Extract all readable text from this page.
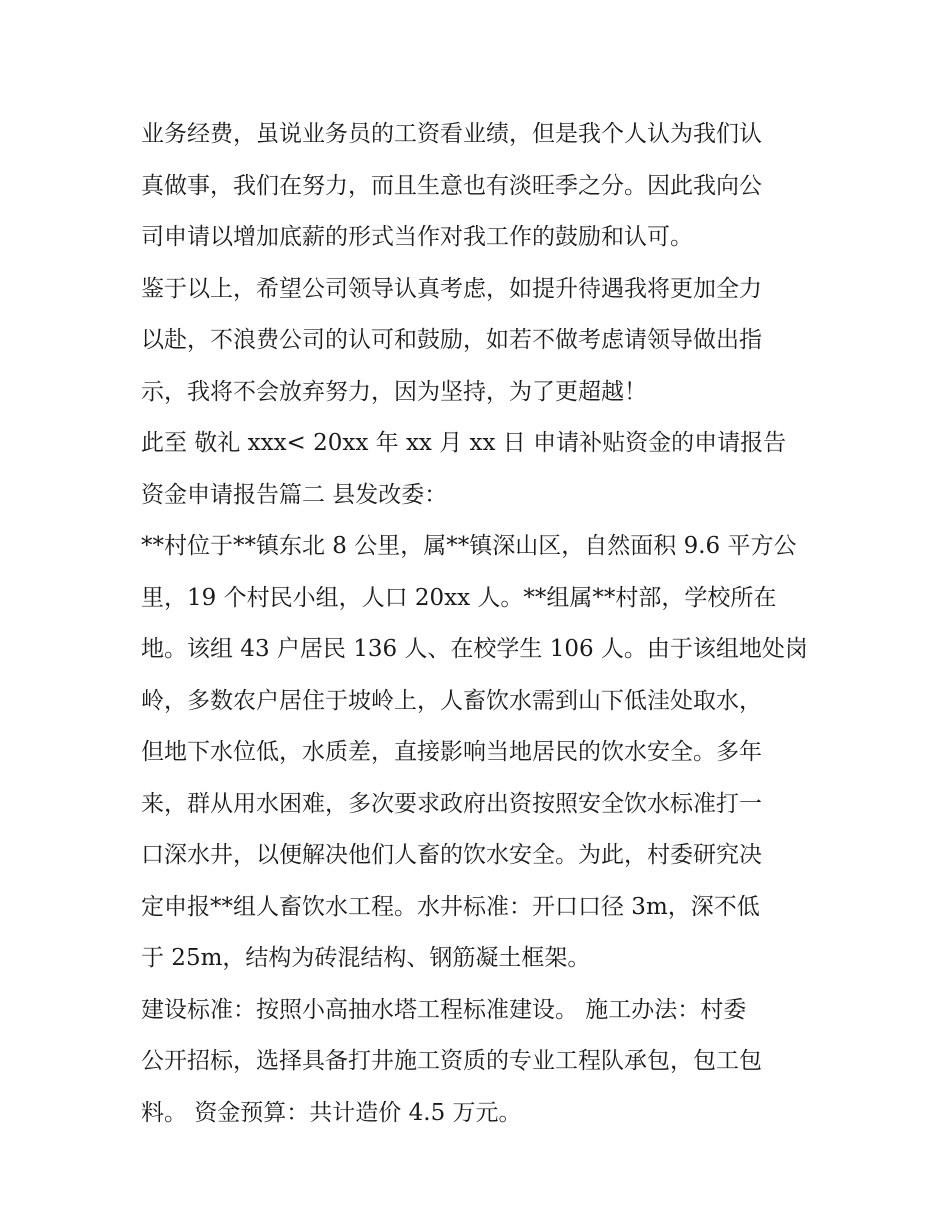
业务经费，虽说业务员的工资看业绩，但是我个人认为我们认
真做事，我们在努力，而且生意也有淡旺季之分。因此我向公
司申请以增加底薪的形式当作对我工作的鼓励和认可。
鉴于以上，希望公司领导认真考虑，如提升待遇我将更加全力
以赴，不浪费公司的认可和鼓励，如若不做考虑请领导做出指
示，我将不会放弃努力，因为坚持，为了更超越！
此至 敬礼 xxx< 20xx 年 xx 月 xx 日 申请补贴资金的申请报告
资金申请报告篇二 县发改委：
**村位于**镇东北 8 公里，属**镇深山区，自然面积 9.6 平方公
里，19 个村民小组，人口 20xx 人。**组属**村部，学校所在
地。该组 43 户居民 136 人、在校学生 106 人。由于该组地处岗
岭，多数农户居住于坡岭上，人畜饮水需到山下低洼处取水，
但地下水位低，水质差，直接影响当地居民的饮水安全。多年
来，群从用水困难，多次要求政府出资按照安全饮水标准打一
口深水井，以便解决他们人畜的饮水安全。为此，村委研究决
定申报**组人畜饮水工程。水井标准：开口口径 3m，深不低
于 25m，结构为砖混结构、钢筋凝土框架。
建设标准：按照小高抽水塔工程标准建设。 施工办法：村委
公开招标，选择具备打井施工资质的专业工程队承包，包工包
料。 资金预算：共计造价 4.5 万元。
